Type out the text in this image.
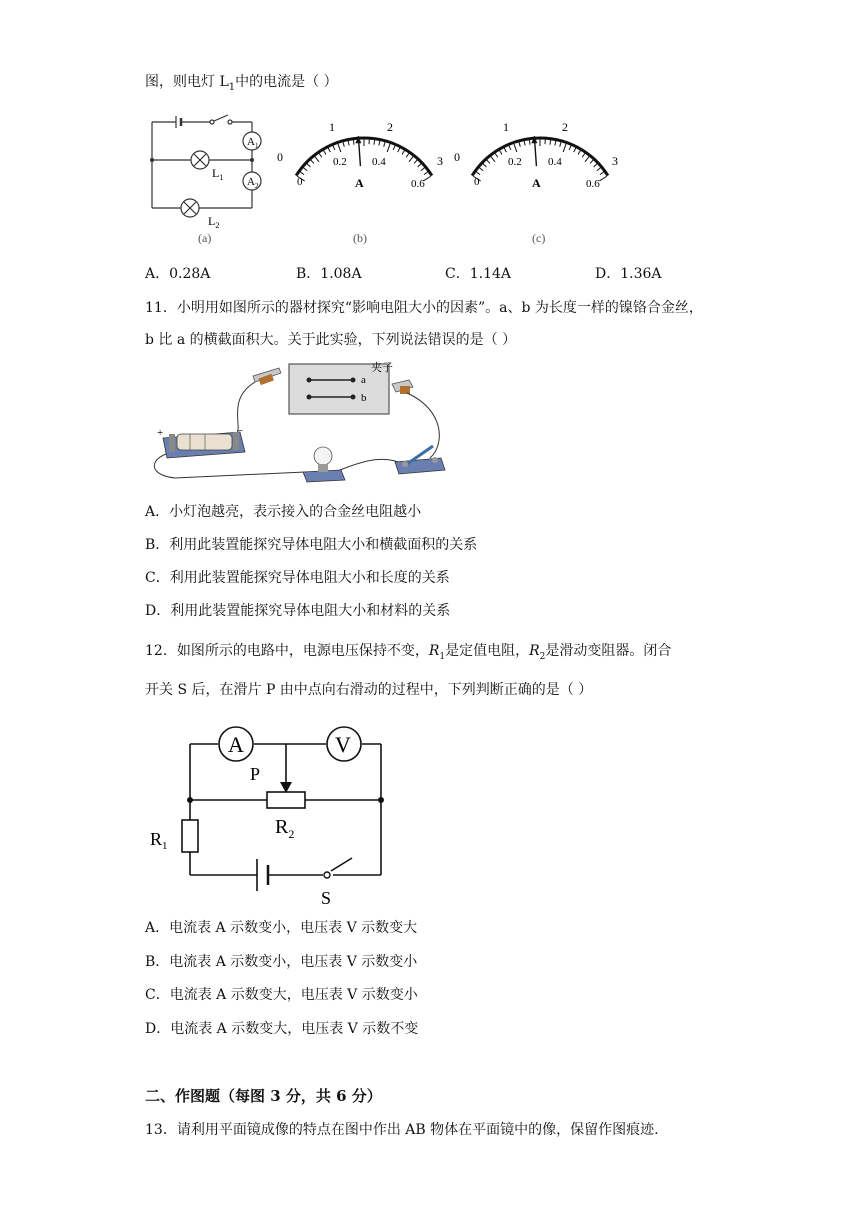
图，则电灯 $L_1$中的电流是（ ）
$A_1$
$A_2$
$L_1$
$L_2$
(a)
1	2
0	3
0.2 0.4
0	0.6
A
(b)
1	2
0	3
0.2 0.4
0	0.6
A
(c)
A．0.28A	B．1.08A	C．1.14A	D．1.36A
11．小明用如图所示的器材探究“影响电阻大小的因素”。a、b 为长度一样的镍铬合金丝，
b 比 a 的横截面积大。关于此实验，下列说法错误的是（ ）
a
b
夹子
+	−
A．小灯泡越亮，表示接入的合金丝电阻越小
B．利用此装置能探究导体电阻大小和横截面积的关系
C．利用此装置能探究导体电阻大小和长度的关系
D．利用此装置能探究导体电阻大小和材料的关系
12．如图所示的电路中，电源电压保持不变，$R_1$是定值电阻，$R_2$是滑动变阻器。闭合
开关 S 后，在滑片 P 由中点向右滑动的过程中，下列判断正确的是（ ）
A	V
P
$R_2$
$R_1$
S
A．电流表 A 示数变小，电压表 V 示数变大
B．电流表 A 示数变小，电压表 V 示数变小
C．电流表 A 示数变大，电压表 V 示数变小
D．电流表 A 示数变大，电压表 V 示数不变
二、作图题（每图 3 分，共 6 分）
13．请利用平面镜成像的特点在图中作出 AB 物体在平面镜中的像，保留作图痕迹.
